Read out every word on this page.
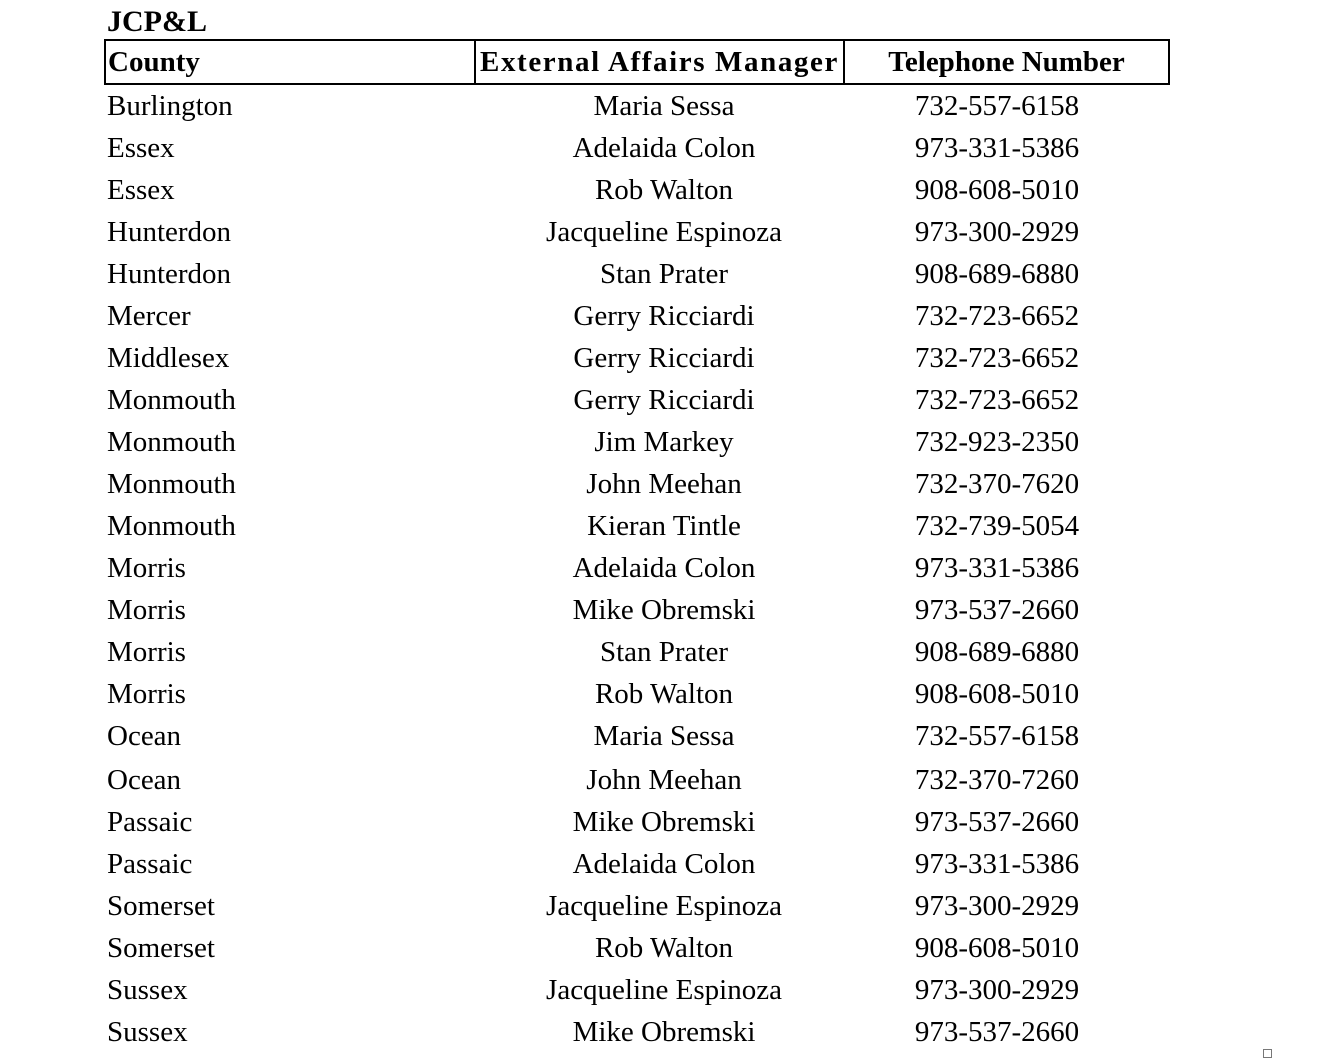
JCP&L
County	External Affairs Manager	Telephone Number
Burlington	Maria Sessa	732-557-6158
Essex	Adelaida Colon	973-331-5386
Essex	Rob Walton	908-608-5010
Hunterdon	Jacqueline Espinoza	973-300-2929
Hunterdon	Stan Prater	908-689-6880
Mercer	Gerry Ricciardi	732-723-6652
Middlesex	Gerry Ricciardi	732-723-6652
Monmouth	Gerry Ricciardi	732-723-6652
Monmouth	Jim Markey	732-923-2350
Monmouth	John Meehan	732-370-7620
Monmouth	Kieran Tintle	732-739-5054
Morris	Adelaida Colon	973-331-5386
Morris	Mike Obremski	973-537-2660
Morris	Stan Prater	908-689-6880
Morris	Rob Walton	908-608-5010
Ocean	Maria Sessa	732-557-6158
Ocean	John Meehan	732-370-7260
Passaic	Mike Obremski	973-537-2660
Passaic	Adelaida Colon	973-331-5386
Somerset	Jacqueline Espinoza	973-300-2929
Somerset	Rob Walton	908-608-5010
Sussex	Jacqueline Espinoza	973-300-2929
Sussex	Mike Obremski	973-537-2660
